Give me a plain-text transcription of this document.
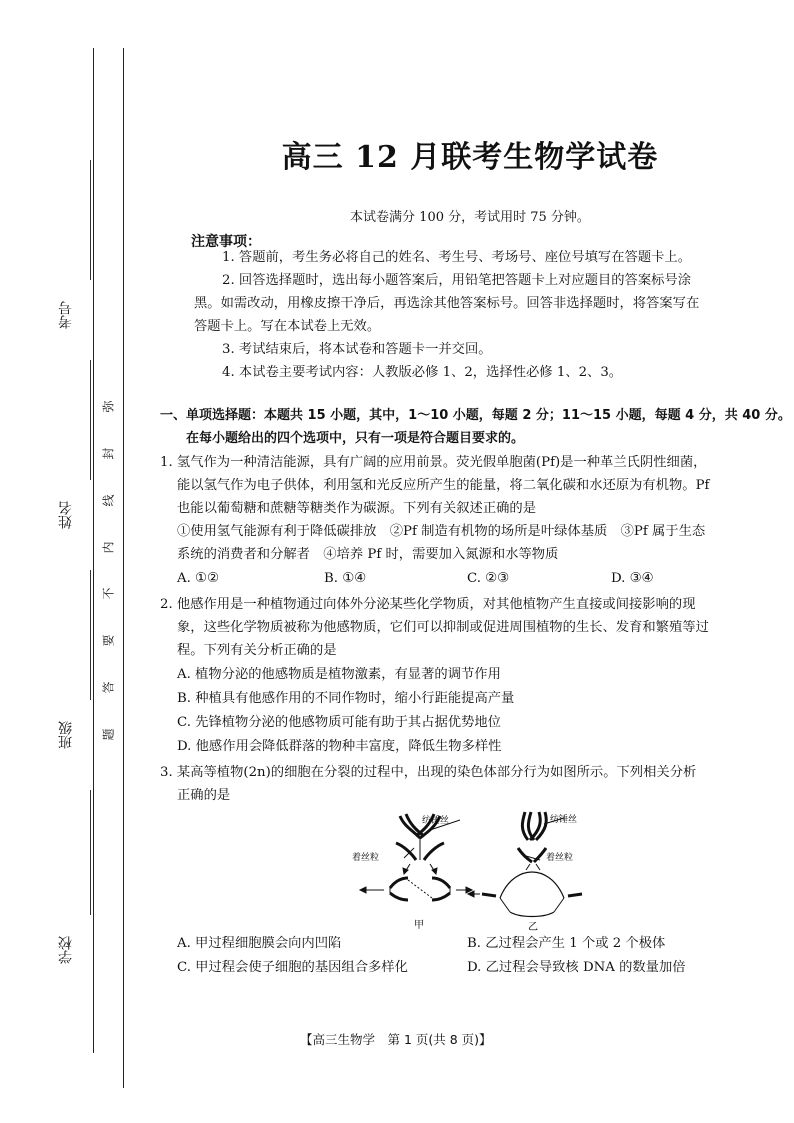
考号
姓名
班级
学校
弥
封
线
内
不
要
答
题
高三 12 月联考生物学试卷
本试卷满分 100 分，考试用时 75 分钟。
注意事项：
1. 答题前，考生务必将自己的姓名、考生号、考场号、座位号填写在答题卡上。
2. 回答选择题时，选出每小题答案后，用铅笔把答题卡上对应题目的答案标号涂
黑。如需改动，用橡皮擦干净后，再选涂其他答案标号。回答非选择题时，将答案写在
答题卡上。写在本试卷上无效。
3. 考试结束后，将本试卷和答题卡一并交回。
4. 本试卷主要考试内容：人教版必修 1、2，选择性必修 1、2、3。
一、单项选择题：本题共 15 小题，其中，1～10 小题，每题 2 分；11～15 小题，每题 4 分，共 40 分。
在每小题给出的四个选项中，只有一项是符合题目要求的。
1. 氢气作为一种清洁能源，具有广阔的应用前景。荧光假单胞菌(Pf)是一种革兰氏阴性细菌，
能以氢气作为电子供体，利用氢和光反应所产生的能量，将二氧化碳和水还原为有机物。Pf
也能以葡萄糖和蔗糖等糖类作为碳源。下列有关叙述正确的是
①使用氢气能源有利于降低碳排放　②Pf 制造有机物的场所是叶绿体基质　③Pf 属于生态
系统的消费者和分解者　④培养 Pf 时，需要加入氮源和水等物质
A. ①②	B. ①④	C. ②③	D. ③④
2. 他感作用是一种植物通过向体外分泌某些化学物质，对其他植物产生直接或间接影响的现
象，这些化学物质被称为他感物质，它们可以抑制或促进周围植物的生长、发育和繁殖等过
程。下列有关分析正确的是
A. 植物分泌的他感物质是植物激素，有显著的调节作用
B. 种植具有他感作用的不同作物时，缩小行距能提高产量
C. 先锋植物分泌的他感物质可能有助于其占据优势地位
D. 他感作用会降低群落的物种丰富度，降低生物多样性
3. 某高等植物(2n)的细胞在分裂的过程中，出现的染色体部分行为如图所示。下列相关分析
正确的是
A. 甲过程细胞膜会向内凹陷	B. 乙过程会产生 1 个或 2 个极体
C. 甲过程会使子细胞的基因组合多样化	D. 乙过程会导致核 DNA 的数量加倍
纺锤丝
着丝粒
纺锤丝
着丝粒
甲	乙
【高三生物学　第 1 页(共 8 页)】
